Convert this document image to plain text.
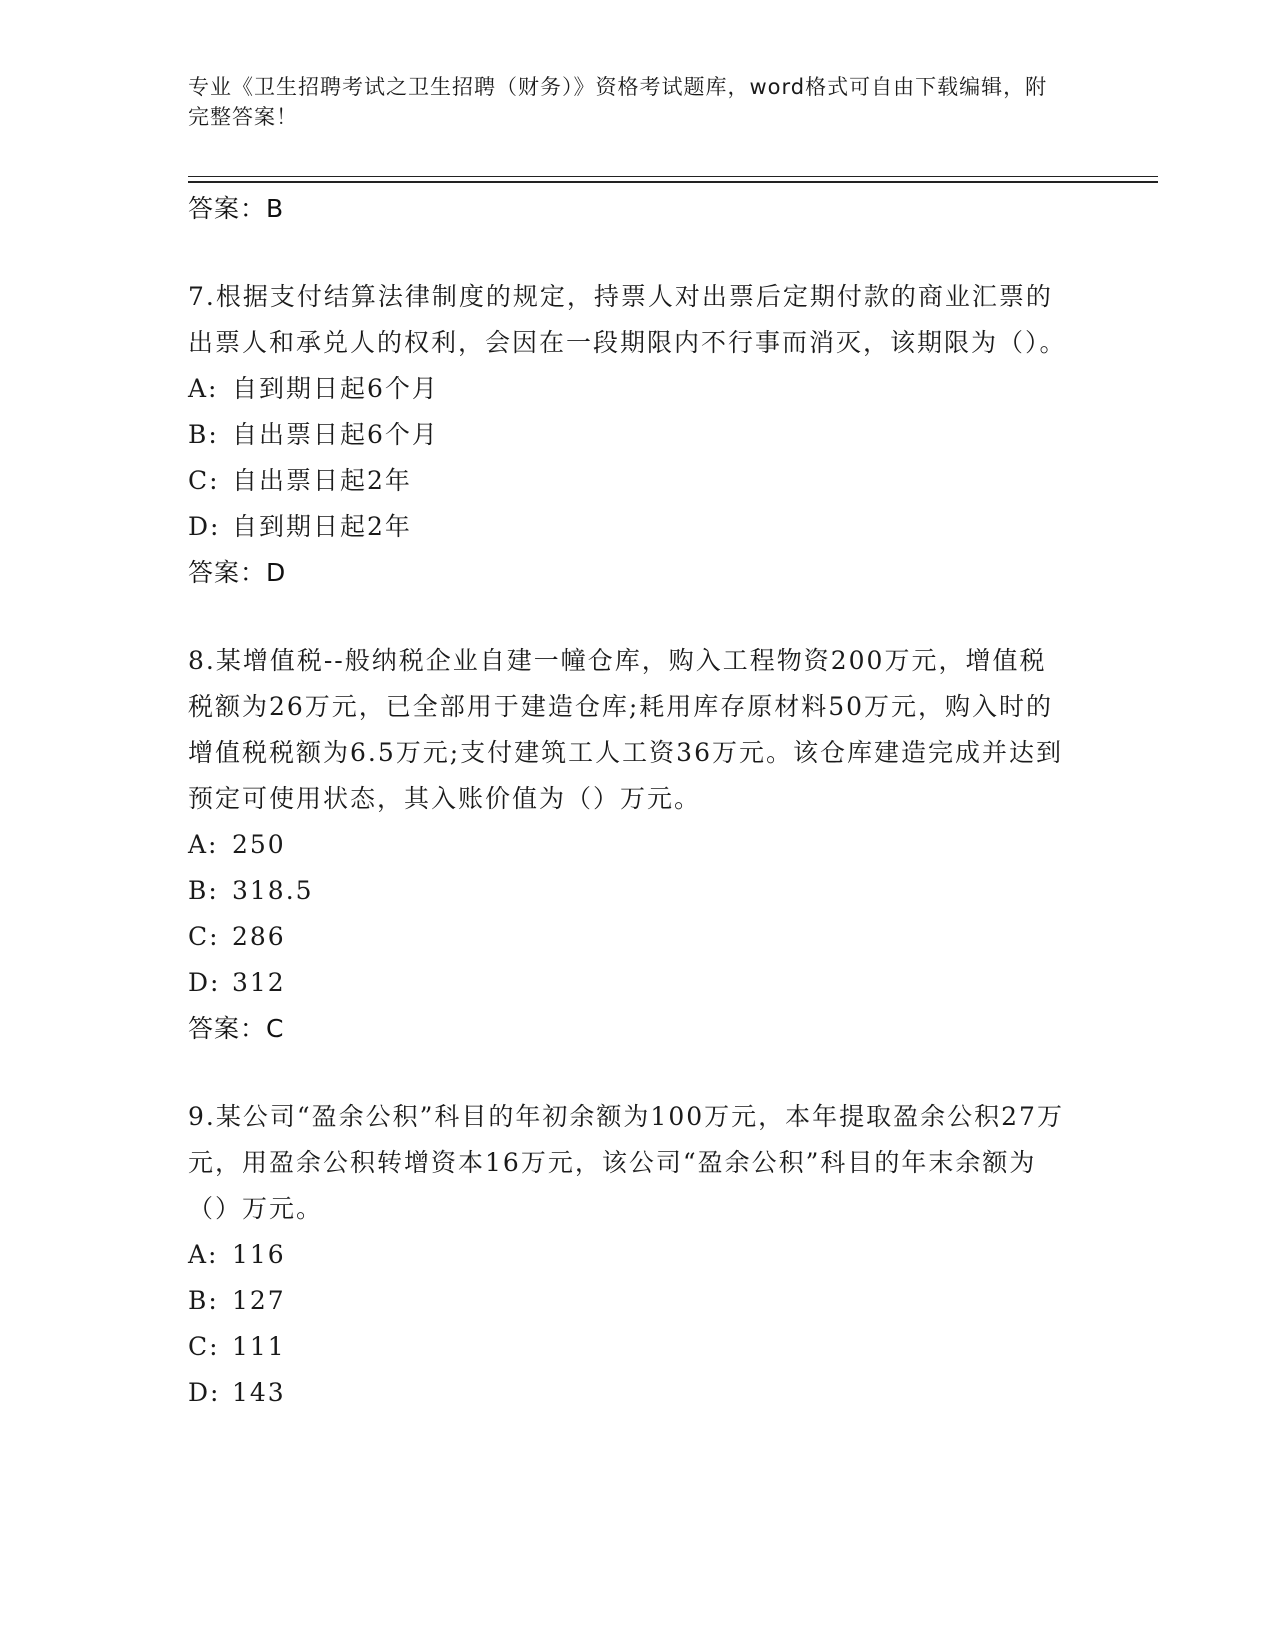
专业《卫生招聘考试之卫生招聘（财务）》资格考试题库，word格式可自由下载编辑，附完整答案！

答案：B

7.根据支付结算法律制度的规定，持票人对出票后定期付款的商业汇票的出票人和承兑人的权利，会因在一段期限内不行事而消灭，该期限为（）。

A: 自到期日起6个月

B: 自出票日起6个月

C: 自出票日起2年

D: 自到期日起2年

答案：D

8.某增值税--般纳税企业自建一幢仓库，购入工程物资200万元，增值税税额为26万元，已全部用于建造仓库;耗用库存原材料50万元，购入时的增值税税额为6.5万元;支付建筑工人工资36万元。该仓库建造完成并达到预定可使用状态，其入账价值为（）万元。

A: 250

B: 318.5

C: 286

D: 312

答案：C

9.某公司“盈余公积”科目的年初余额为100万元，本年提取盈余公积27万元，用盈余公积转增资本16万元，该公司“盈余公积”科目的年末余额为（）万元。

A: 116

B: 127

C: 111

D: 143
